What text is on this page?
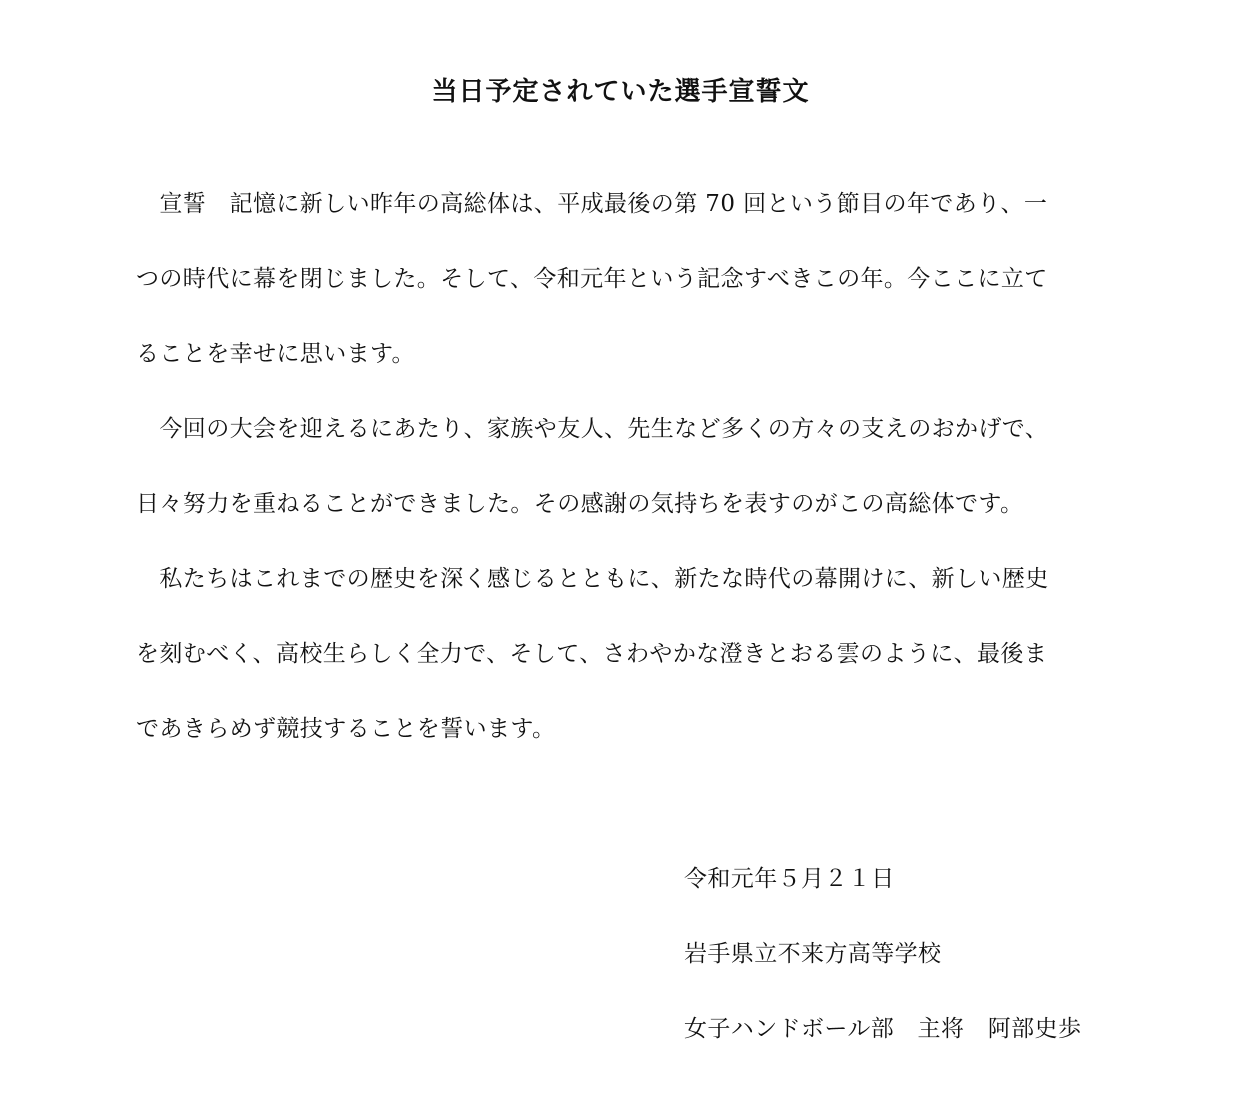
当日予定されていた選手宣誓文
　宣誓　記憶に新しい昨年の高総体は、平成最後の第 70 回という節目の年であり、一
つの時代に幕を閉じました。そして、令和元年という記念すべきこの年。今ここに立て
ることを幸せに思います。
　今回の大会を迎えるにあたり、家族や友人、先生など多くの方々の支えのおかげで、
日々努力を重ねることができました。その感謝の気持ちを表すのがこの高総体です。
　私たちはこれまでの歴史を深く感じるとともに、新たな時代の幕開けに、新しい歴史
を刻むべく、高校生らしく全力で、そして、さわやかな澄きとおる雲のように、最後ま
であきらめず競技することを誓います。
令和元年５月２１日
岩手県立不来方高等学校
女子ハンドボール部　主将　阿部史歩
